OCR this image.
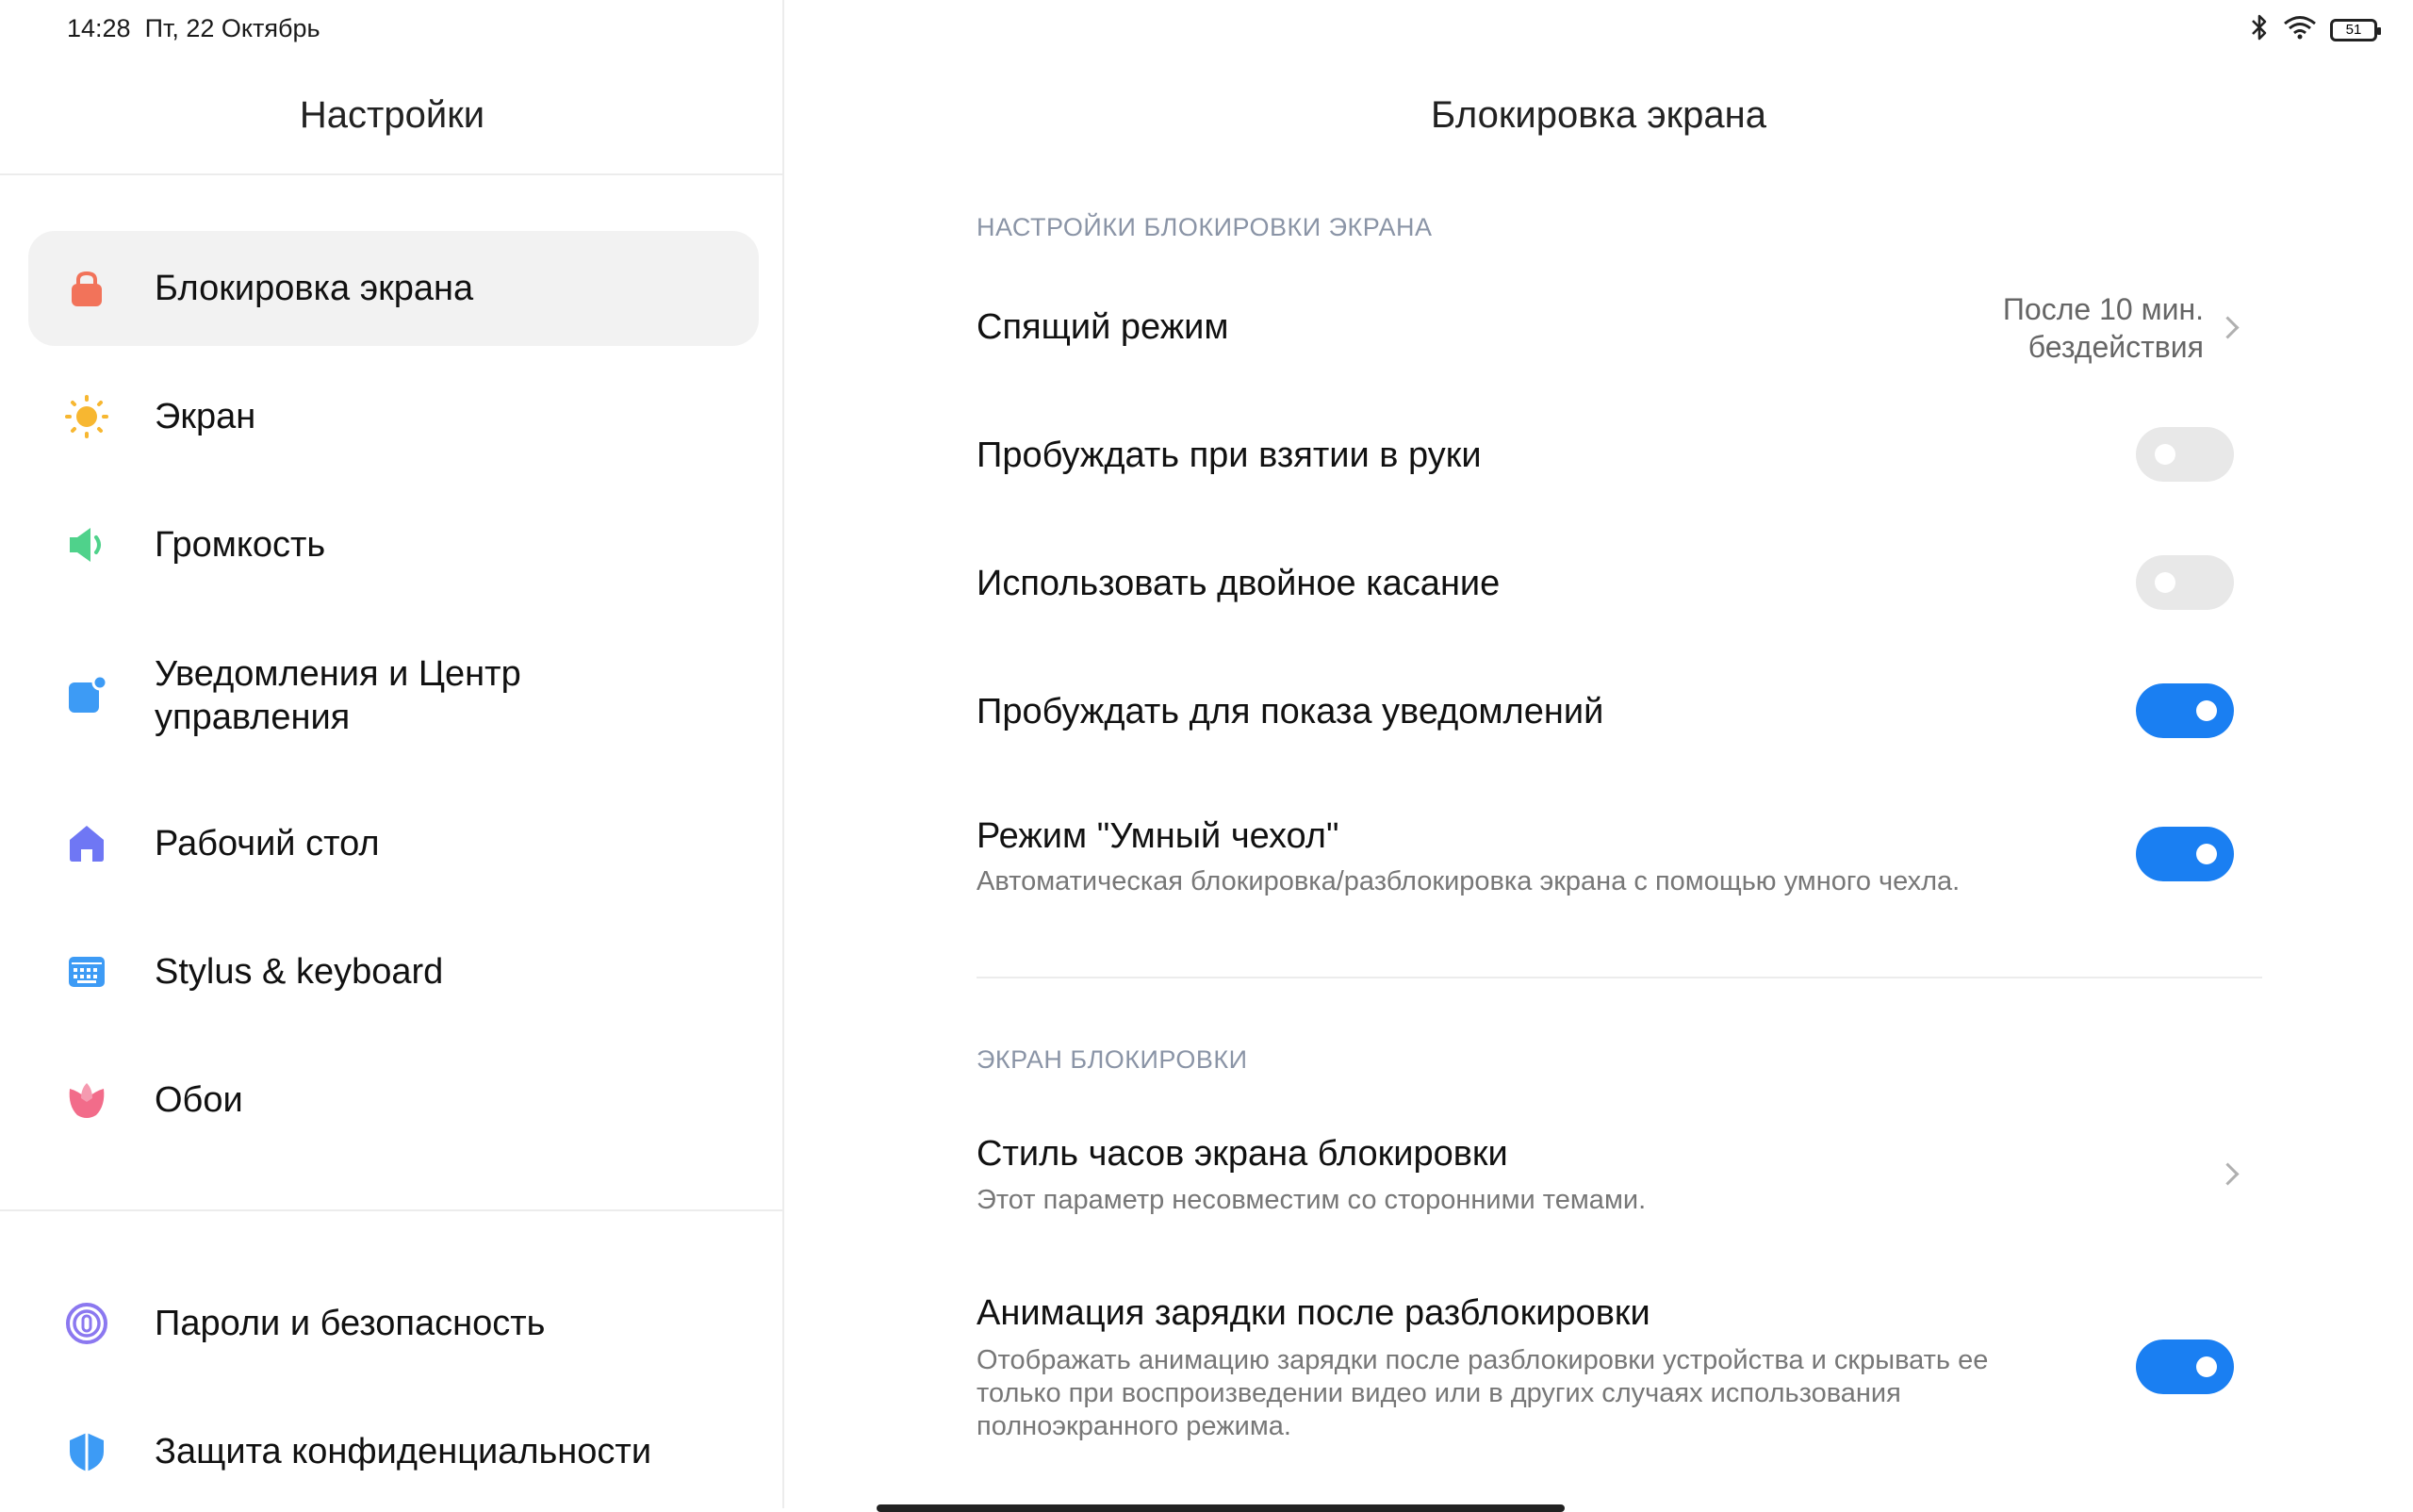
14:28  Пт, 22 Октябрь	51
Настройки
Блокировка экрана
Экран
Громкость
Уведомления и Центр
управления
Рабочий стол
Stylus & keyboard
Обои
Пароли и безопасность
Защита конфиденциальности
Блокировка экрана
НАСТРОЙКИ БЛОКИРОВКИ ЭКРАНА
Спящий режим	После 10 мин.
бездействия
Пробуждать при взятии в руки
Использовать двойное касание
Пробуждать для показа уведомлений
Режим "Умный чехол"
Автоматическая блокировка/разблокировка экрана с помощью умного чехла.
ЭКРАН БЛОКИРОВКИ
Стиль часов экрана блокировки
Этот параметр несовместим со сторонними темами.
Анимация зарядки после разблокировки
Отображать анимацию зарядки после разблокировки устройства и скрывать ее только при воспроизведении видео или в других случаях использования полноэкранного режима.
